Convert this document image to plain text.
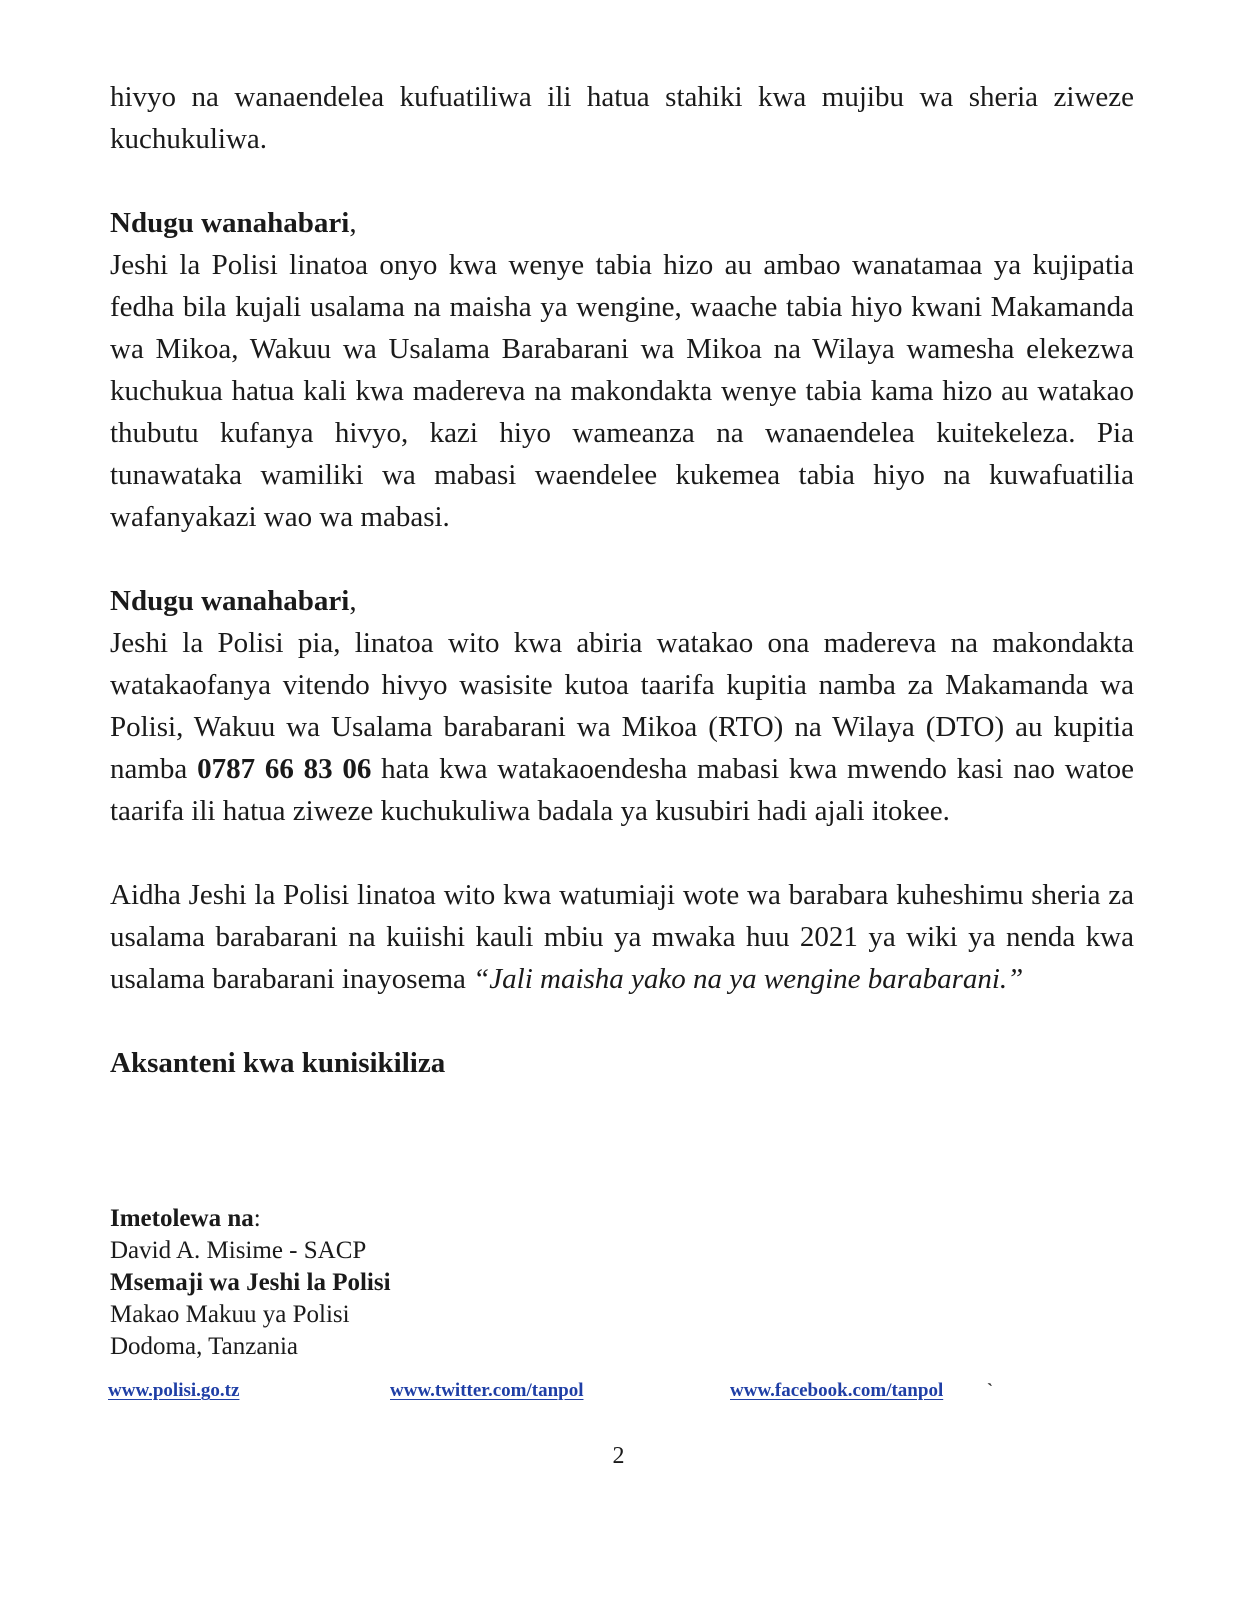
hivyo na wanaendelea kufuatiliwa ili hatua stahiki kwa mujibu wa sheria ziweze kuchukuliwa.

Ndugu wanahabari,

Jeshi la Polisi linatoa onyo kwa wenye tabia hizo au ambao wanatamaa ya kujipatia fedha bila kujali usalama na maisha ya wengine, waache tabia hiyo kwani Makamanda wa Mikoa, Wakuu wa Usalama Barabarani wa Mikoa na Wilaya wamesha elekezwa kuchukua hatua kali kwa madereva na makondakta wenye tabia kama hizo au watakao thubutu kufanya hivyo, kazi hiyo wameanza na wanaendelea kuitekeleza. Pia tunawataka wamiliki wa mabasi waendelee kukemea tabia hiyo na kuwafuatilia wafanyakazi wao wa mabasi.

Ndugu wanahabari,

Jeshi la Polisi pia, linatoa wito kwa abiria watakao ona madereva na makondakta watakaofanya vitendo hivyo wasisite kutoa taarifa kupitia namba za Makamanda wa Polisi, Wakuu wa Usalama barabarani wa Mikoa (RTO) na Wilaya (DTO) au kupitia namba 0787 66 83 06 hata kwa watakaoendesha mabasi kwa mwendo kasi nao watoe taarifa ili hatua ziweze kuchukuliwa badala ya kusubiri hadi ajali itokee.

Aidha Jeshi la Polisi linatoa wito kwa watumiaji wote wa barabara kuheshimu sheria za usalama barabarani na kuiishi kauli mbiu ya mwaka huu 2021 ya wiki ya nenda kwa usalama barabarani inayosema “Jali maisha yako na ya wengine barabarani.”

Aksanteni kwa kunisikiliza
Imetolewa na:
David A. Misime - SACP
Msemaji wa Jeshi la Polisi
Makao Makuu ya Polisi
Dodoma, Tanzania
www.polisi.go.tz	www.twitter.com/tanpol	www.facebook.com/tanpol `
2
